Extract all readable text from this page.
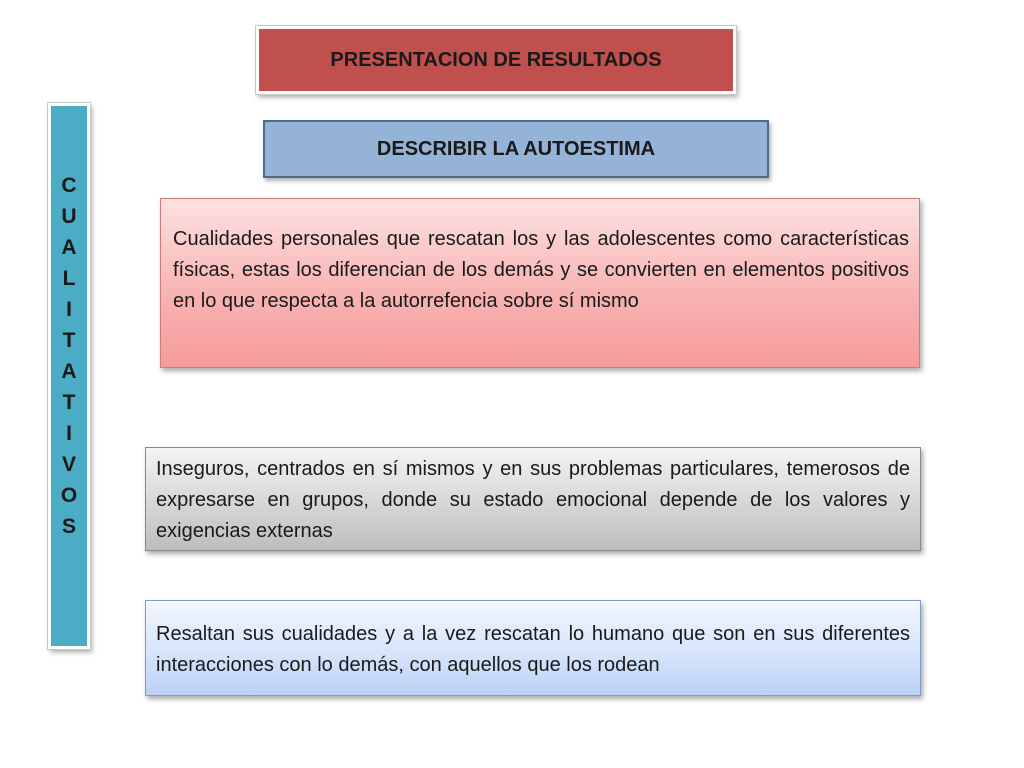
PRESENTACION DE RESULTADOS
DESCRIBIR LA AUTOESTIMA
C
U
A
L
I
T
A
T
I
V
O
S
Cualidades personales que rescatan los y las adolescentes como características físicas, estas los diferencian de los demás y se convierten en elementos positivos en lo que respecta a la autorrefencia sobre sí mismo
Inseguros, centrados en sí mismos y en sus problemas particulares, temerosos de expresarse en grupos, donde su estado emocional depende de los valores y exigencias externas
Resaltan sus cualidades y a la vez rescatan lo humano que son en sus diferentes interacciones con lo demás, con aquellos que los rodean
